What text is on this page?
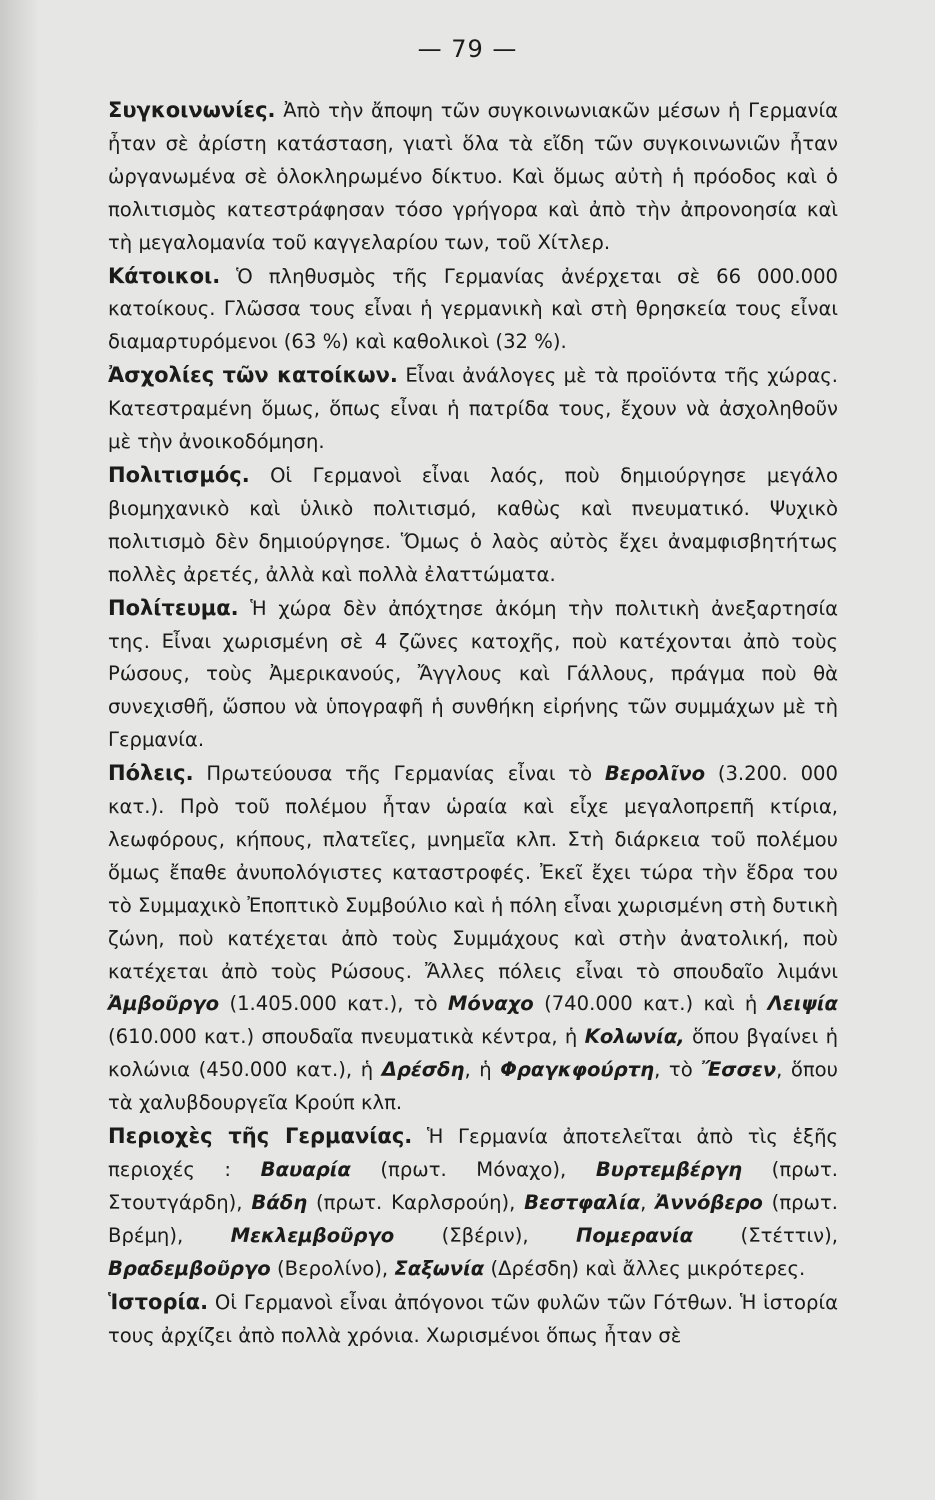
— 79 —

Συγκοινωνίες. Ἀπὸ τὴν ἄποψη τῶν συγκοινωνιακῶν μέσων ἡ Γερμανία ἦταν σὲ ἀρίστη κατάσταση, γιατὶ ὅλα τὰ εἴδη τῶν συγκοινωνιῶν ἦταν ὠργανωμένα σὲ ὁλοκληρωμένο δίκτυο. Καὶ ὅμως αὐτὴ ἡ πρόοδος καὶ ὁ πολιτισμὸς κατεστράφησαν τόσο γρήγορα καὶ ἀπὸ τὴν ἀπρονοησία καὶ τὴ μεγαλομανία τοῦ καγγελαρίου των, τοῦ Χίτλερ.

Κάτοικοι. Ὁ πληθυσμὸς τῆς Γερμανίας ἀνέρχεται σὲ 66 000.000 κατοίκους. Γλῶσσα τους εἶναι ἡ γερμανικὴ καὶ στὴ θρησκεία τους εἶναι διαμαρτυρόμενοι (63 %) καὶ καθολικοὶ (32 %).

Ἀσχολίες τῶν κατοίκων. Εἶναι ἀνάλογες μὲ τὰ προϊόντα τῆς χώρας. Κατεστραμένη ὅμως, ὅπως εἶναι ἡ πατρίδα τους, ἔχουν νὰ ἀσχοληθοῦν μὲ τὴν ἀνοικοδόμηση.

Πολιτισμός. Οἱ Γερμανοὶ εἶναι λαός, ποὺ δημιούργησε μεγάλο βιομηχανικὸ καὶ ὑλικὸ πολιτισμό, καθὼς καὶ πνευματικό. Ψυχικὸ πολιτισμὸ δὲν δημιούργησε. Ὅμως ὁ λαὸς αὐτὸς ἔχει ἀναμφισβητήτως πολλὲς ἀρετές, ἀλλὰ καὶ πολλὰ ἐλαττώματα.

Πολίτευμα. Ἡ χώρα δὲν ἀπόχτησε ἀκόμη τὴν πολιτικὴ ἀνεξαρτησία της. Εἶναι χωρισμένη σὲ 4 ζῶνες κατοχῆς, ποὺ κατέχονται ἀπὸ τοὺς Ρώσους, τοὺς Ἀμερικανούς, Ἄγγλους καὶ Γάλλους, πράγμα ποὺ θὰ συνεχισθῆ, ὥσπου νὰ ὑπογραφῆ ἡ συνθήκη εἰρήνης τῶν συμμάχων μὲ τὴ Γερμανία.

Πόλεις. Πρωτεύουσα τῆς Γερμανίας εἶναι τὸ Βερολῖνο (3.200. 000 κατ.). Πρὸ τοῦ πολέμου ἦταν ὡραία καὶ εἶχε μεγαλοπρεπῆ κτίρια, λεωφόρους, κήπους, πλατεῖες, μνημεῖα κλπ. Στὴ διάρκεια τοῦ πολέμου ὅμως ἔπαθε ἀνυπολόγιστες καταστροφές. Ἐκεῖ ἔχει τώρα τὴν ἕδρα του τὸ Συμμαχικὸ Ἐποπτικὸ Συμβούλιο καὶ ἡ πόλη εἶναι χωρισμένη στὴ δυτικὴ ζώνη, ποὺ κατέχεται ἀπὸ τοὺς Συμμάχους καὶ στὴν ἀνατολική, ποὺ κατέχεται ἀπὸ τοὺς Ρώσους. Ἄλλες πόλεις εἶναι τὸ σπουδαῖο λιμάνι Ἀμβοῦργο (1.405.000 κατ.), τὸ Μόναχο (740.000 κατ.) καὶ ἡ Λειψία (610.000 κατ.) σπουδαῖα πνευματικὰ κέντρα, ἡ Κολωνία, ὅπου βγαίνει ἡ κολώνια (450.000 κατ.), ἡ Δρέσδη, ἡ Φραγκφούρτη, τὸ Ἔσσεν, ὅπου τὰ χαλυβδουργεῖα Κρούπ κλπ.

Περιοχὲς τῆς Γερμανίας. Ἡ Γερμανία ἀποτελεῖται ἀπὸ τὶς ἑξῆς περιοχές : Βαυαρία (πρωτ. Μόναχο), Βυρτεμβέργη (πρωτ. Στουτγάρδη), Βάδη (πρωτ. Καρλσρούη), Βεστφαλία, Ἀννόβερο (πρωτ. Βρέμη), Μεκλεμβοῦργο (Σβέριν), Πομερανία (Στέττιν), Βραδεμβοῦργο (Βερολίνο), Σαξωνία (Δρέσδη) καὶ ἄλλες μικρότερες.

Ἱστορία. Οἱ Γερμανοὶ εἶναι ἀπόγονοι τῶν φυλῶν τῶν Γότθων. Ἡ ἱστορία τους ἀρχίζει ἀπὸ πολλὰ χρόνια. Χωρισμένοι ὅπως ἦταν σὲ
